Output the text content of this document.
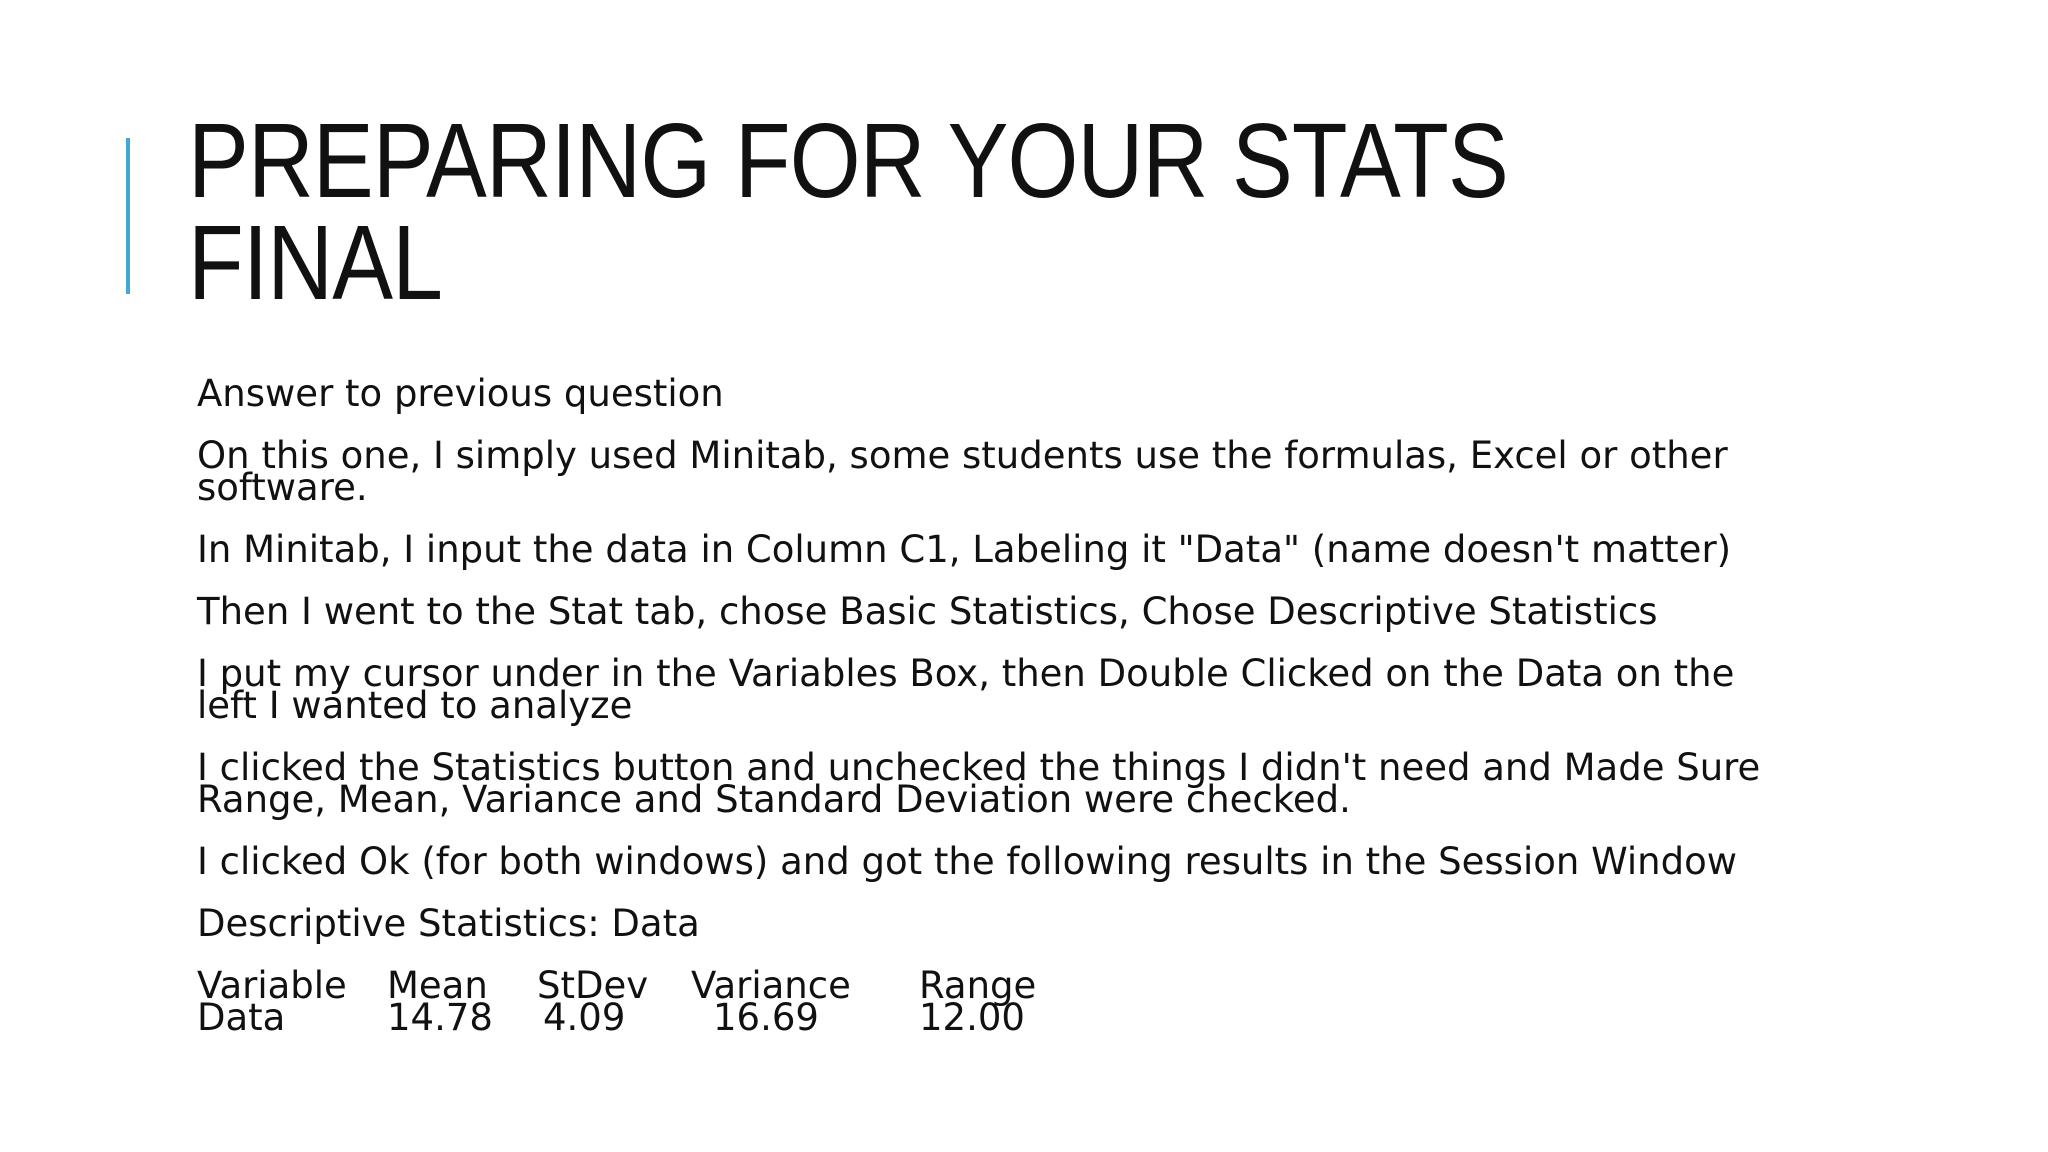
PREPARING FOR YOUR STATS
FINAL

Answer to previous question

On this one, I simply used Minitab, some students use the formulas, Excel or other software.

In Minitab, I input the data in Column C1, Labeling it "Data" (name doesn't matter)

Then I went to the Stat tab, chose Basic Statistics, Chose Descriptive Statistics

I put my cursor under in the Variables Box, then Double Clicked on the Data on the left I wanted to analyze

I clicked the Statistics button and unchecked the things I didn't need and Made Sure Range, Mean, Variance and Standard Deviation were checked.

I clicked Ok (for both windows) and got the following results in the Session Window

Descriptive Statistics: Data

Variable	Mean	StDev	Variance	Range
Data	14.78	4.09	16.69	12.00
